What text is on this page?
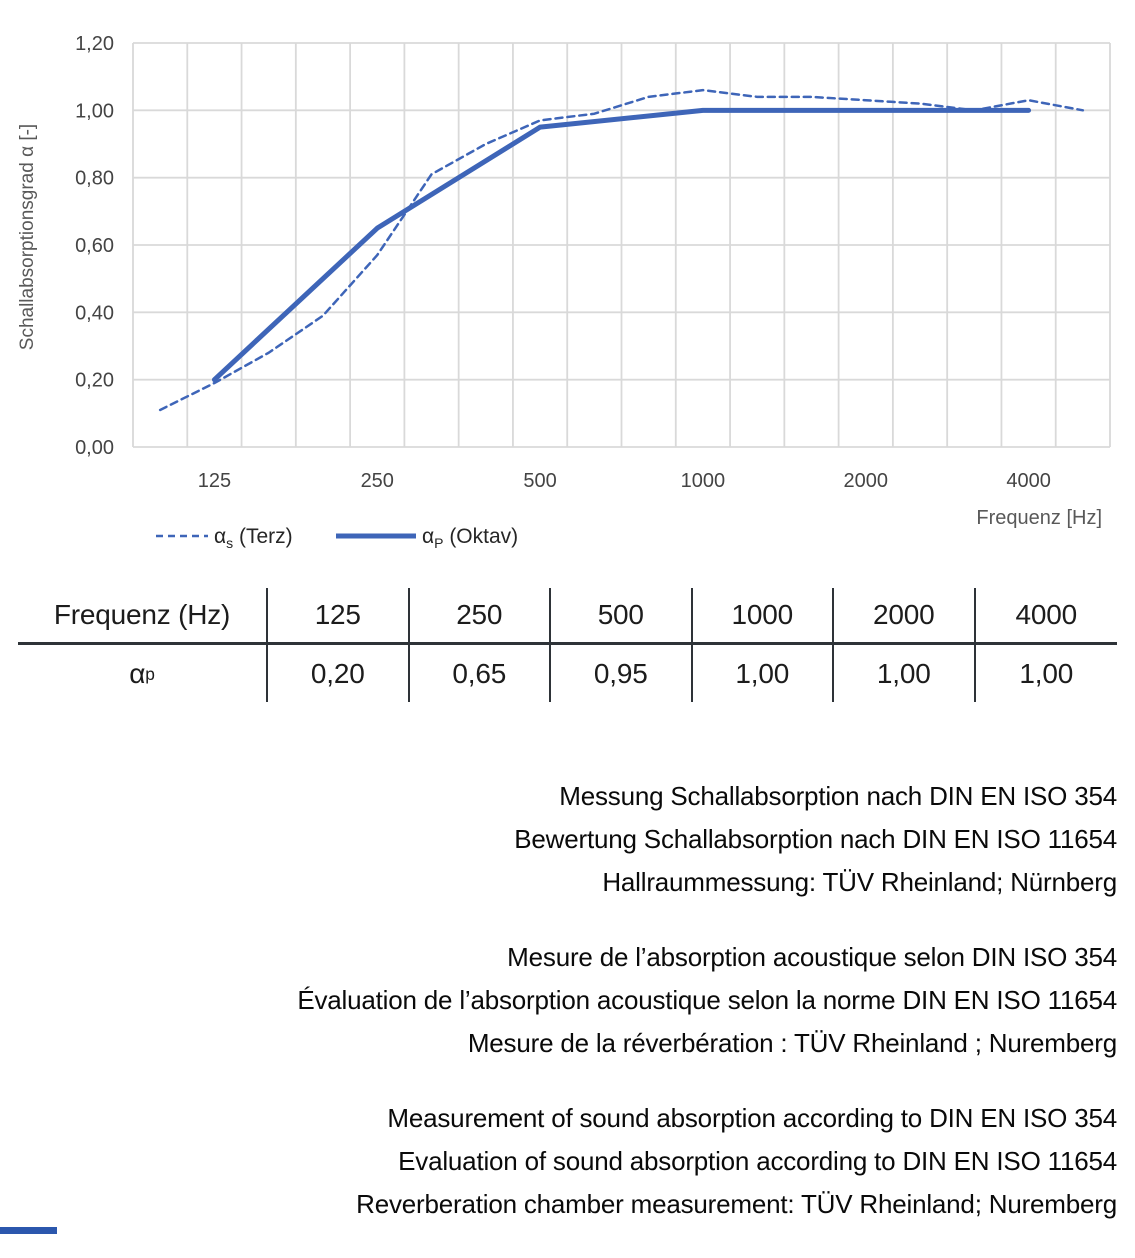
1,20
1,00
0,80
0,60
0,40
0,20
0,00
125	250	500	1000	2000	4000
Schallabsorptionsgrad α [-]
Frequenz [Hz]
$\alpha_s$ (Terz)	$\alpha_P$ (Oktav)
Frequenz (Hz)	125	250	500	1000	2000	4000
α p	0,20	0,65	0,95	1,00	1,00	1,00
Messung Schallabsorption nach DIN EN ISO 354
Bewertung Schallabsorption nach DIN EN ISO 11654
Hallraummessung: TÜV Rheinland; Nürnberg
Mesure de l’absorption acoustique selon DIN ISO 354
Évaluation de l’absorption acoustique selon la norme DIN EN ISO 11654
Mesure de la réverbération : TÜV Rheinland ; Nuremberg
Measurement of sound absorption according to DIN EN ISO 354
Evaluation of sound absorption according to DIN EN ISO 11654
Reverberation chamber measurement: TÜV Rheinland; Nuremberg
